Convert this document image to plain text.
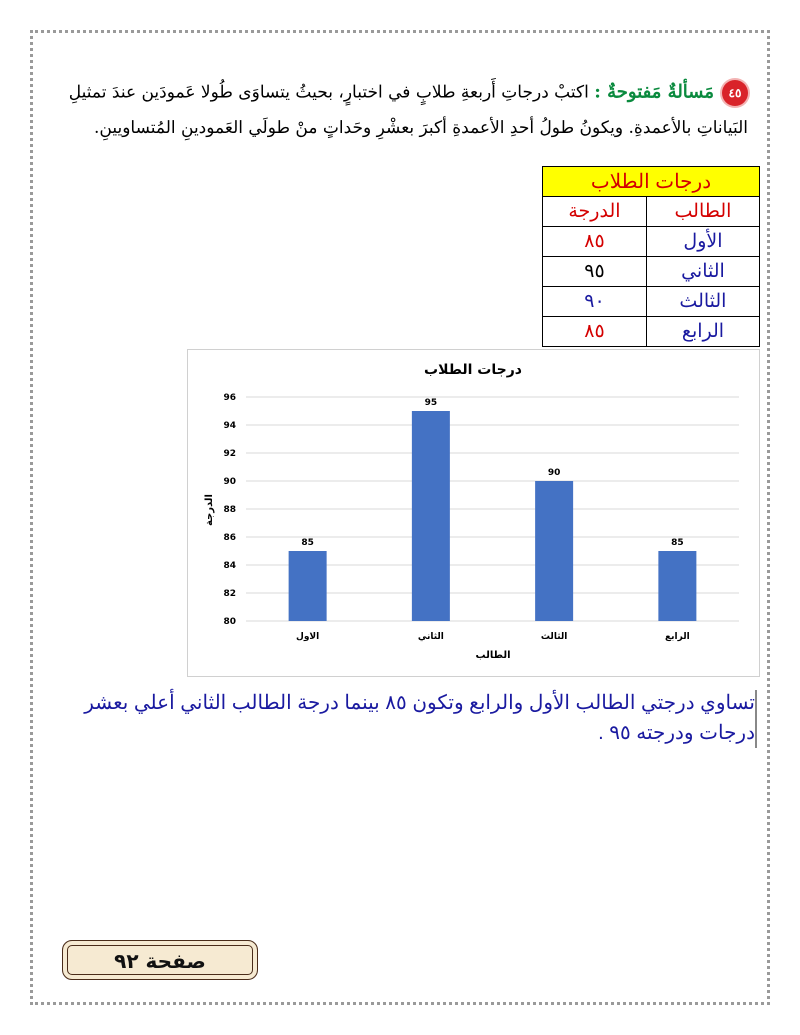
٤٥مَسألةٌ مَفتوحةٌ : اكتبْ درجاتِ أَربعةِ طلابٍ في اختبارٍ، بحيثُ يتساوَى طُولا عَمودَين عندَ تمثيلِ
البَياناتِ بالأعمدةِ. ويكونُ طولُ أحدِ الأعمدةِ أكبرَ بعشْرِ وحَداتٍ منْ طولَي العَمودينِ المُتساويينِ.
درجات الطلاب	
الطالب	الدرجة
الأول	٨٥
الثاني	٩٥
الثالث	٩٠
الرابع	٨٥
درجات الطلاب
80
82
84
86
88
90
92
94
96
85
95
90
85
الاول	الثاني	الثالث	الرابع
الطالب
الدرجة
تساوي درجتي الطالب الأول والرابع وتكون ٨٥ بينما درجة الطالب الثاني أعلي بعشر
درجات ودرجته ٩٥ .
صفحة ٩٢
